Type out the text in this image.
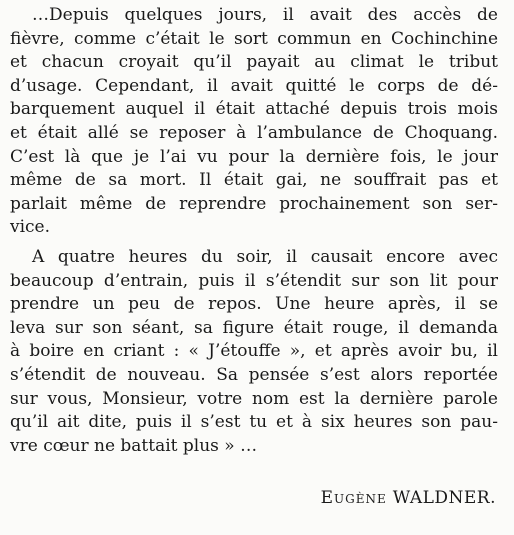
…Depuis quelques jours, il avait des accès de
fièvre, comme c’était le sort commun en Cochinchine
et chacun croyait qu’il payait au climat le tribut
d’usage. Cependant, il avait quitté le corps de dé-
barquement auquel il était attaché depuis trois mois
et était allé se reposer à l’ambulance de Choquang.
C’est là que je l’ai vu pour la dernière fois, le jour
même de sa mort. Il était gai, ne souffrait pas et
parlait même de reprendre prochainement son ser-
vice.
A quatre heures du soir, il causait encore avec
beaucoup d’entrain, puis il s’étendit sur son lit pour
prendre un peu de repos. Une heure après, il se
leva sur son séant, sa figure était rouge, il demanda
à boire en criant : « J’étouffe », et après avoir bu, il
s’étendit de nouveau. Sa pensée s’est alors reportée
sur vous, Monsieur, votre nom est la dernière parole
qu’il ait dite, puis il s’est tu et à six heures son pau-
vre cœur ne battait plus » …
Eugène WALDNER.
